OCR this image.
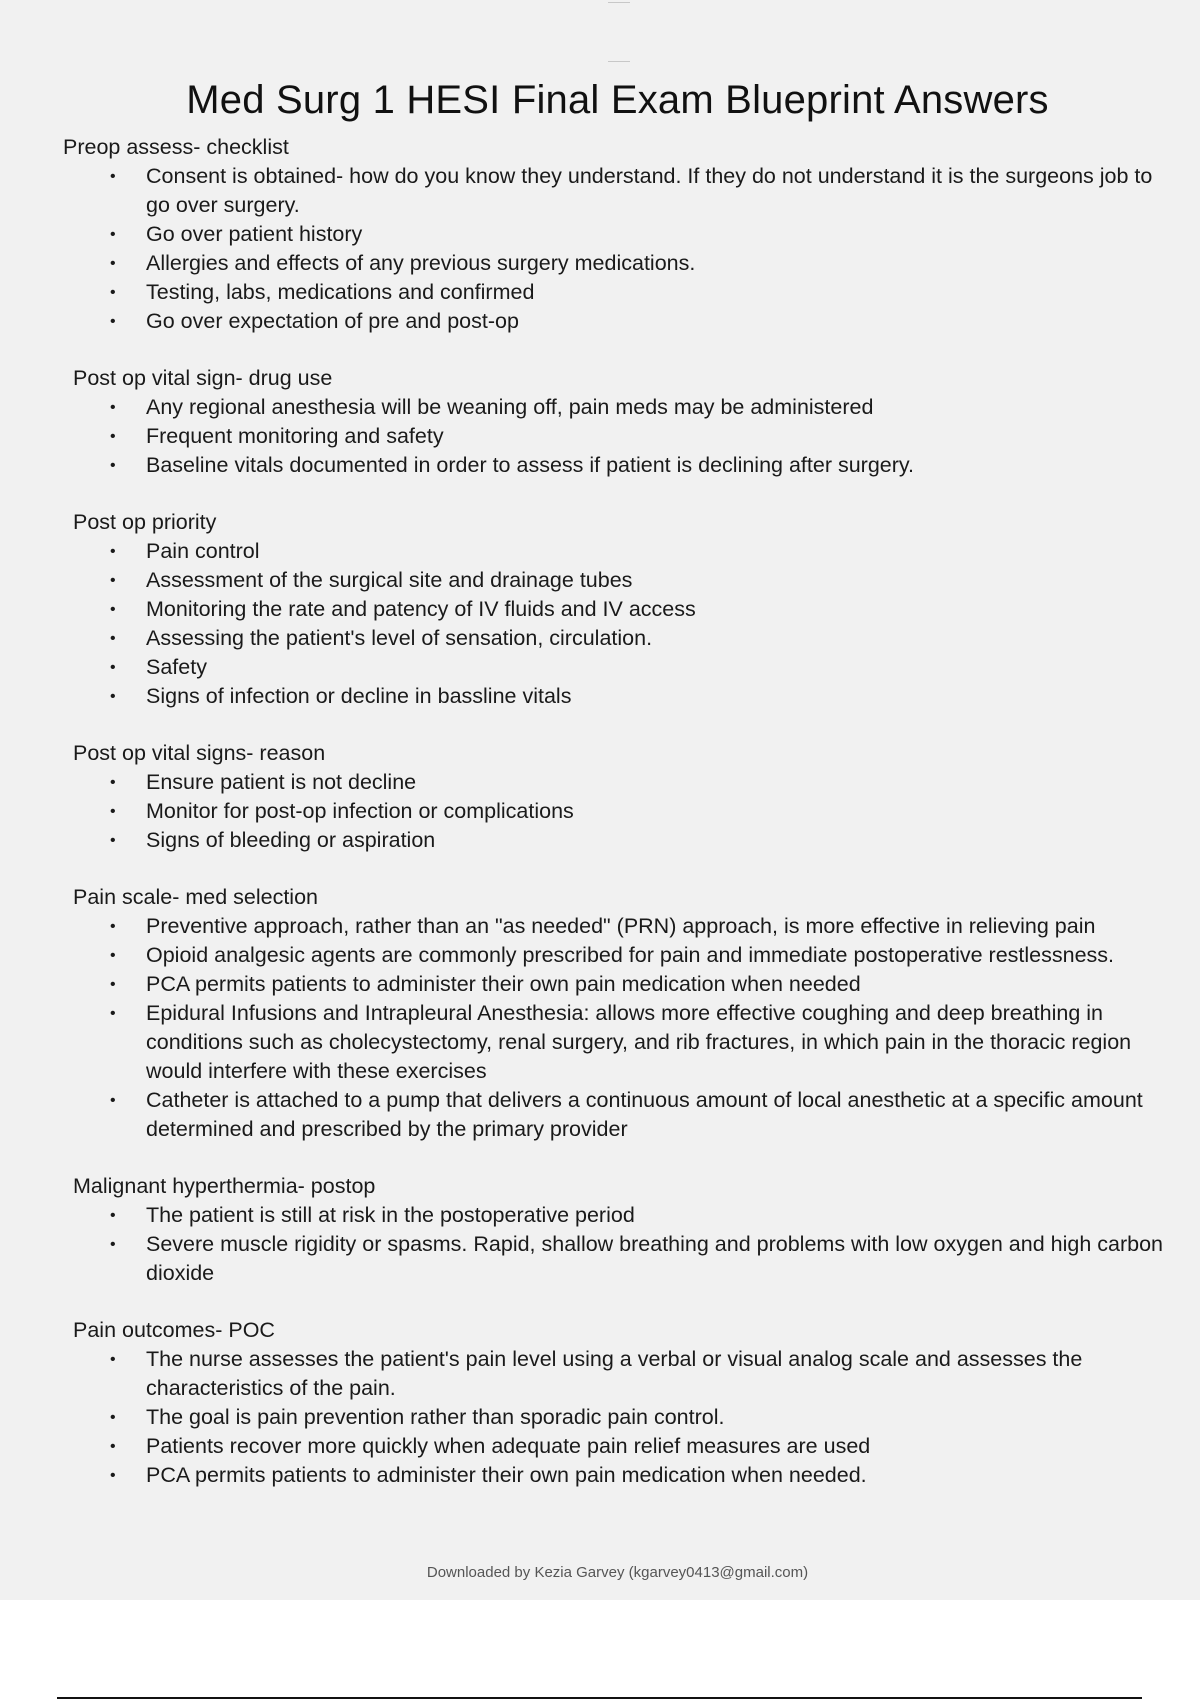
Med Surg 1 HESI Final Exam Blueprint Answers
Preop assess- checklist
• Consent is obtained- how do you know they understand. If they do not understand it is the surgeons job to go over surgery.
• Go over patient history
• Allergies and effects of any previous surgery medications.
• Testing, labs, medications and confirmed
• Go over expectation of pre and post-op
Post op vital sign- drug use
• Any regional anesthesia will be weaning off, pain meds may be administered
• Frequent monitoring and safety
• Baseline vitals documented in order to assess if patient is declining after surgery.
Post op priority
• Pain control
• Assessment of the surgical site and drainage tubes
• Monitoring the rate and patency of IV fluids and IV access
• Assessing the patient's level of sensation, circulation.
• Safety
• Signs of infection or decline in bassline vitals
Post op vital signs- reason
• Ensure patient is not decline
• Monitor for post-op infection or complications
• Signs of bleeding or aspiration
Pain scale- med selection
• Preventive approach, rather than an "as needed" (PRN) approach, is more effective in relieving pain
• Opioid analgesic agents are commonly prescribed for pain and immediate postoperative restlessness.
• PCA permits patients to administer their own pain medication when needed
• Epidural Infusions and Intrapleural Anesthesia: allows more effective coughing and deep breathing in conditions such as cholecystectomy, renal surgery, and rib fractures, in which pain in the thoracic region would interfere with these exercises
• Catheter is attached to a pump that delivers a continuous amount of local anesthetic at a specific amount determined and prescribed by the primary provider
Malignant hyperthermia- postop
• The patient is still at risk in the postoperative period
• Severe muscle rigidity or spasms. Rapid, shallow breathing and problems with low oxygen and high carbon dioxide
Pain outcomes- POC
• The nurse assesses the patient's pain level using a verbal or visual analog scale and assesses the characteristics of the pain.
• The goal is pain prevention rather than sporadic pain control.
• Patients recover more quickly when adequate pain relief measures are used
• PCA permits patients to administer their own pain medication when needed.
Downloaded by Kezia Garvey (kgarvey0413@gmail.com)
